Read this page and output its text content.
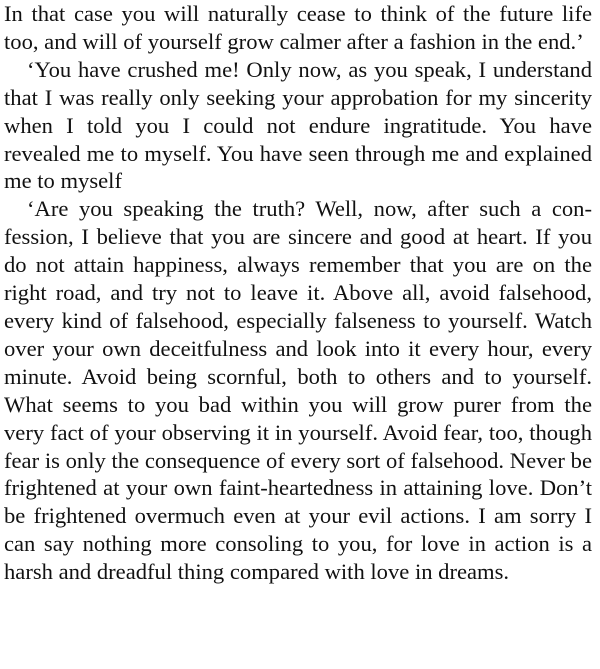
In that case you will naturally cease to think of the future life too, and will of yourself grow calmer after a fashion in the end.’

‘You have crushed me! Only now, as you speak, I understand that I was really only seeking your approbation for my sincerity when I told you I could not endure ingratitude. You have revealed me to myself. You have seen through me and explained me to myself

‘Are you speaking the truth? Well, now, after such a confession, I believe that you are sincere and good at heart. If you do not attain happiness, always remember that you are on the right road, and try not to leave it. Above all, avoid falsehood, every kind of falsehood, especially falseness to yourself. Watch over your own deceitfulness and look into it every hour, every minute. Avoid being scornful, both to others and to yourself. What seems to you bad within you will grow purer from the very fact of your observing it in yourself. Avoid fear, too, though fear is only the consequence of every sort of falsehood. Never be frightened at your own faint-heartedness in attaining love. Don’t be frightened overmuch even at your evil actions. I am sorry I can say nothing more consoling to you, for love in action is a harsh and dreadful thing compared with love in dreams.
